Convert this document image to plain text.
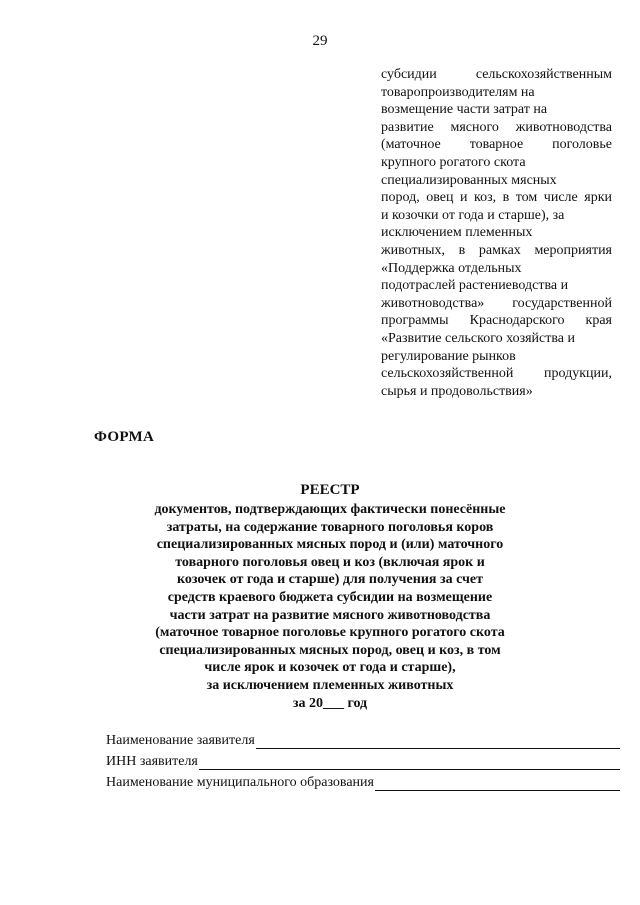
29
субсидии сельскохозяйственным
товаропроизводителям на
возмещение части затрат на
развитие мясного животноводства
(маточное товарное поголовье
крупного рогатого скота
специализированных мясных
пород, овец и коз, в том числе ярки
и козочки от года и старше), за
исключением племенных
животных, в рамках мероприятия
«Поддержка отдельных
подотраслей растениеводства и
животноводства» государственной
программы Краснодарского края
«Развитие сельского хозяйства и
регулирование рынков
сельскохозяйственной продукции,
сырья и продовольствия»
ФОРМА
РЕЕСТР
документов, подтверждающих фактически понесённые
затраты, на содержание товарного поголовья коров
специализированных мясных пород и (или) маточного
товарного поголовья овец и коз (включая ярок и
козочек от года и старше) для получения за счет
средств краевого бюджета субсидии на возмещение
части затрат на развитие мясного животноводства
(маточное товарное поголовье крупного рогатого скота
специализированных мясных пород, овец и коз, в том
числе ярок и козочек от года и старше),
за исключением племенных животных
за 20___ год
Наименование заявителя
ИНН заявителя
Наименование муниципального образования
